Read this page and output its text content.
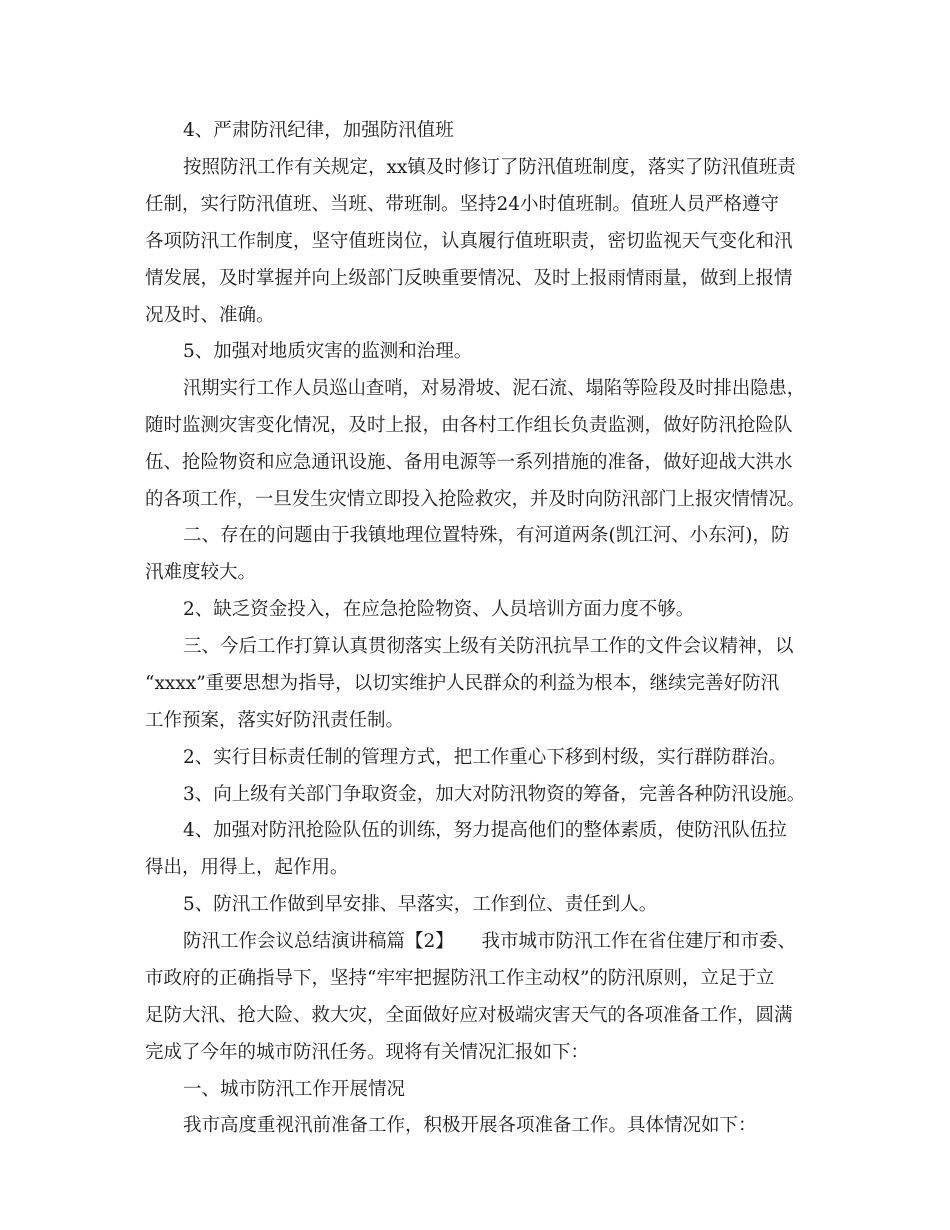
4、严肃防汛纪律，加强防汛值班

按照防汛工作有关规定，xx镇及时修订了防汛值班制度，落实了防汛值班责

任制，实行防汛值班、当班、带班制。坚持24小时值班制。值班人员严格遵守

各项防汛工作制度，坚守值班岗位，认真履行值班职责，密切监视天气变化和汛

情发展，及时掌握并向上级部门反映重要情况、及时上报雨情雨量，做到上报情

况及时、准确。

5、加强对地质灾害的监测和治理。

汛期实行工作人员巡山查哨，对易滑坡、泥石流、塌陷等险段及时排出隐患，

随时监测灾害变化情况，及时上报，由各村工作组长负责监测，做好防汛抢险队

伍、抢险物资和应急通讯设施、备用电源等一系列措施的准备，做好迎战大洪水

的各项工作，一旦发生灾情立即投入抢险救灾，并及时向防汛部门上报灾情情况。

二、存在的问题由于我镇地理位置特殊，有河道两条(凯江河、小东河)，防

汛难度较大。

2、缺乏资金投入，在应急抢险物资、人员培训方面力度不够。

三、今后工作打算认真贯彻落实上级有关防汛抗旱工作的文件会议精神，以

“xxxx”重要思想为指导，以切实维护人民群众的利益为根本，继续完善好防汛

工作预案，落实好防汛责任制。

2、实行目标责任制的管理方式，把工作重心下移到村级，实行群防群治。

3、向上级有关部门争取资金，加大对防汛物资的筹备，完善各种防汛设施。

4、加强对防汛抢险队伍的训练，努力提高他们的整体素质，使防汛队伍拉

得出，用得上，起作用。

5、防汛工作做到早安排、早落实，工作到位、责任到人。

防汛工作会议总结演讲稿篇【2】　　我市城市防汛工作在省住建厅和市委、

市政府的正确指导下，坚持“牢牢把握防汛工作主动权”的防汛原则，立足于立

足防大汛、抢大险、救大灾，全面做好应对极端灾害天气的各项准备工作，圆满

完成了今年的城市防汛任务。现将有关情况汇报如下：

一、城市防汛工作开展情况

我市高度重视汛前准备工作，积极开展各项准备工作。具体情况如下：
